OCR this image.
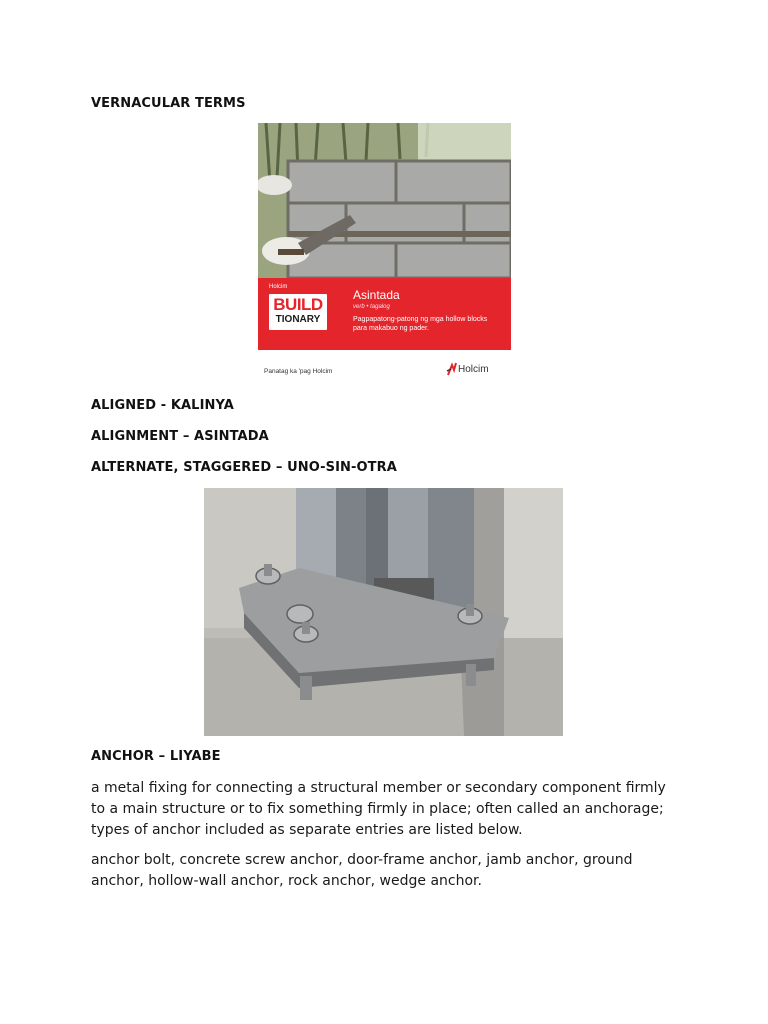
VERNACULAR TERMS
Holcim
BUILD
TIONARY
Asintada
verb • tagalog
Pagpapatong-patong ng mga hollow blocks para makabuo ng pader.
Panatag ka 'pag Holcim	Holcim
ALIGNED - KALINYA
ALIGNMENT – ASINTADA
ALTERNATE, STAGGERED – UNO-SIN-OTRA
ANCHOR – LIYABE
a metal fixing for connecting a structural member or secondary component firmly to a main structure or to fix something firmly in place; often called an anchorage; types of anchor included as separate entries are listed below.
anchor bolt, concrete screw anchor, door-frame anchor, jamb anchor, ground anchor, hollow-wall anchor, rock anchor, wedge anchor.
